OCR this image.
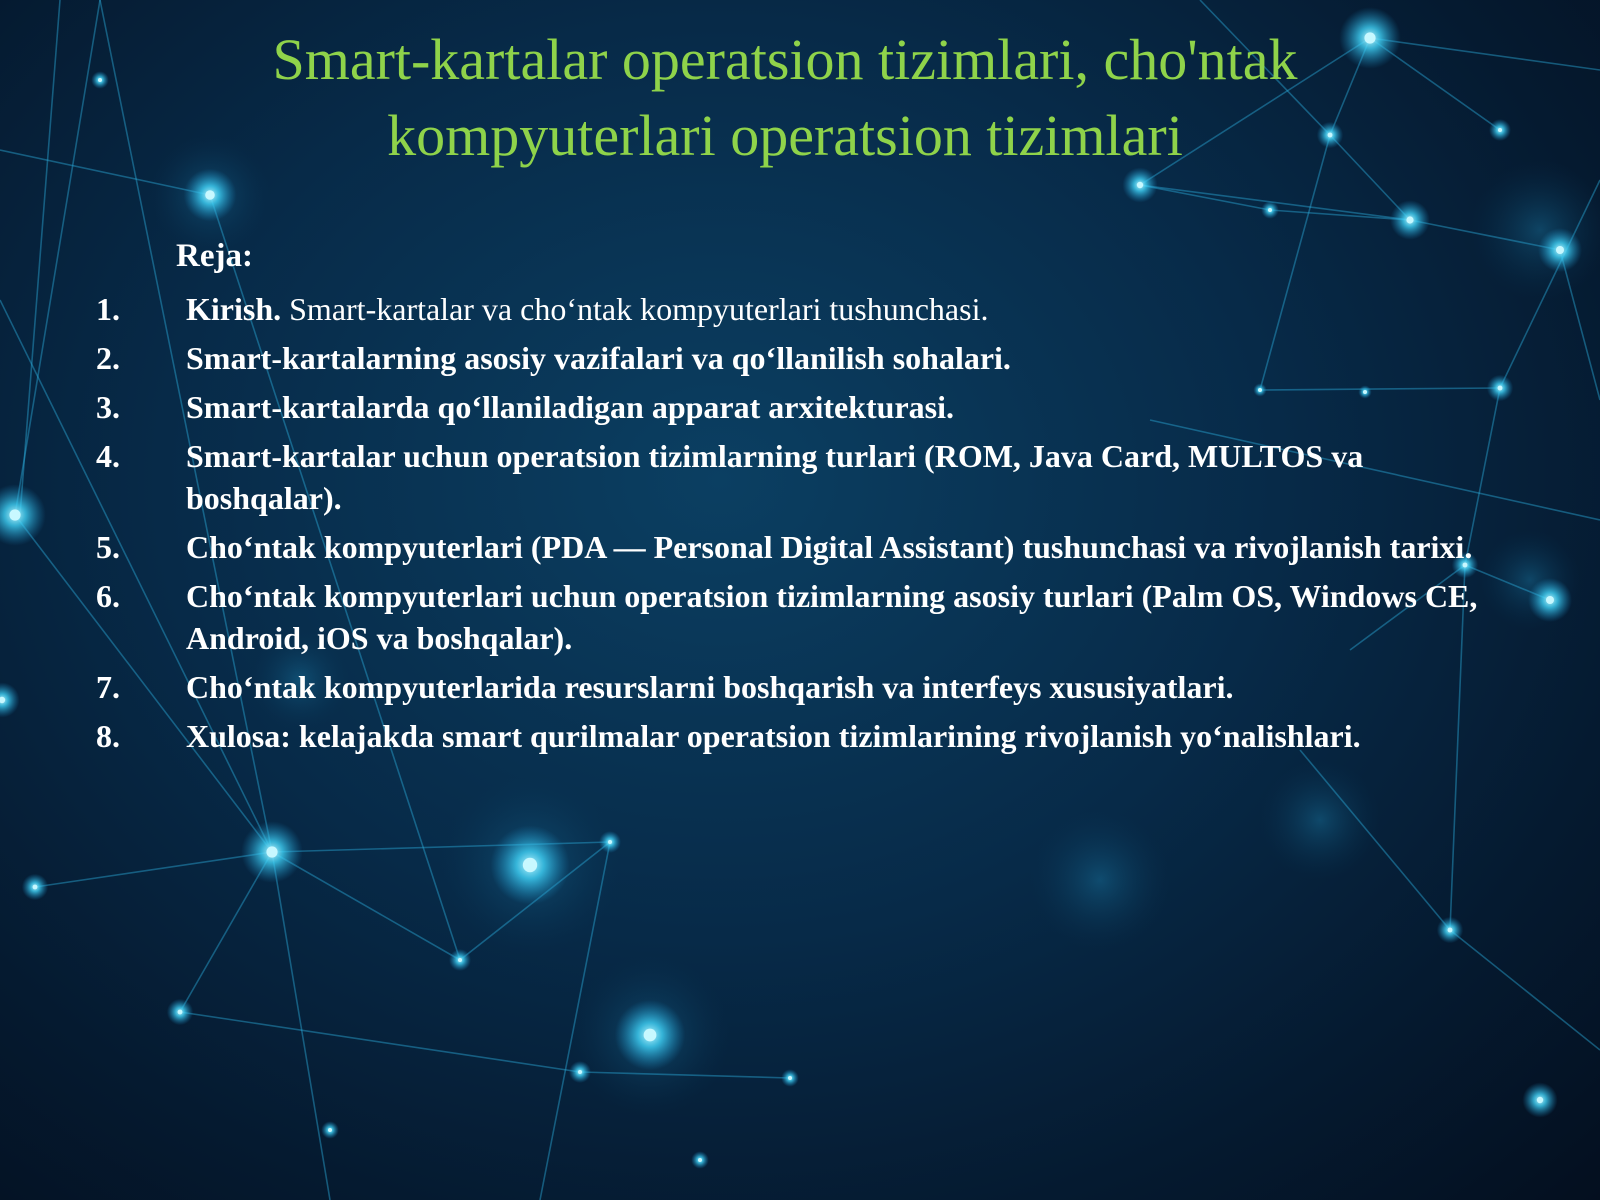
Smart-kartalar operatsion tizimlari, cho'ntak kompyuterlari operatsion tizimlari

Reja:

1.	Kirish. Smart-kartalar va cho‘ntak kompyuterlari tushunchasi.
2.	Smart-kartalarning asosiy vazifalari va qo‘llanilish sohalari.
3.	Smart-kartalarda qo‘llaniladigan apparat arxitekturasi.
4.	Smart-kartalar uchun operatsion tizimlarning turlari (ROM, Java Card, MULTOS va boshqalar).
5.	Cho‘ntak kompyuterlari (PDA — Personal Digital Assistant) tushunchasi va rivojlanish tarixi.
6.	Cho‘ntak kompyuterlari uchun operatsion tizimlarning asosiy turlari (Palm OS, Windows CE, Android, iOS va boshqalar).
7.	Cho‘ntak kompyuterlarida resurslarni boshqarish va interfeys xususiyatlari.
8.	Xulosa: kelajakda smart qurilmalar operatsion tizimlarining rivojlanish yo‘nalishlari.
